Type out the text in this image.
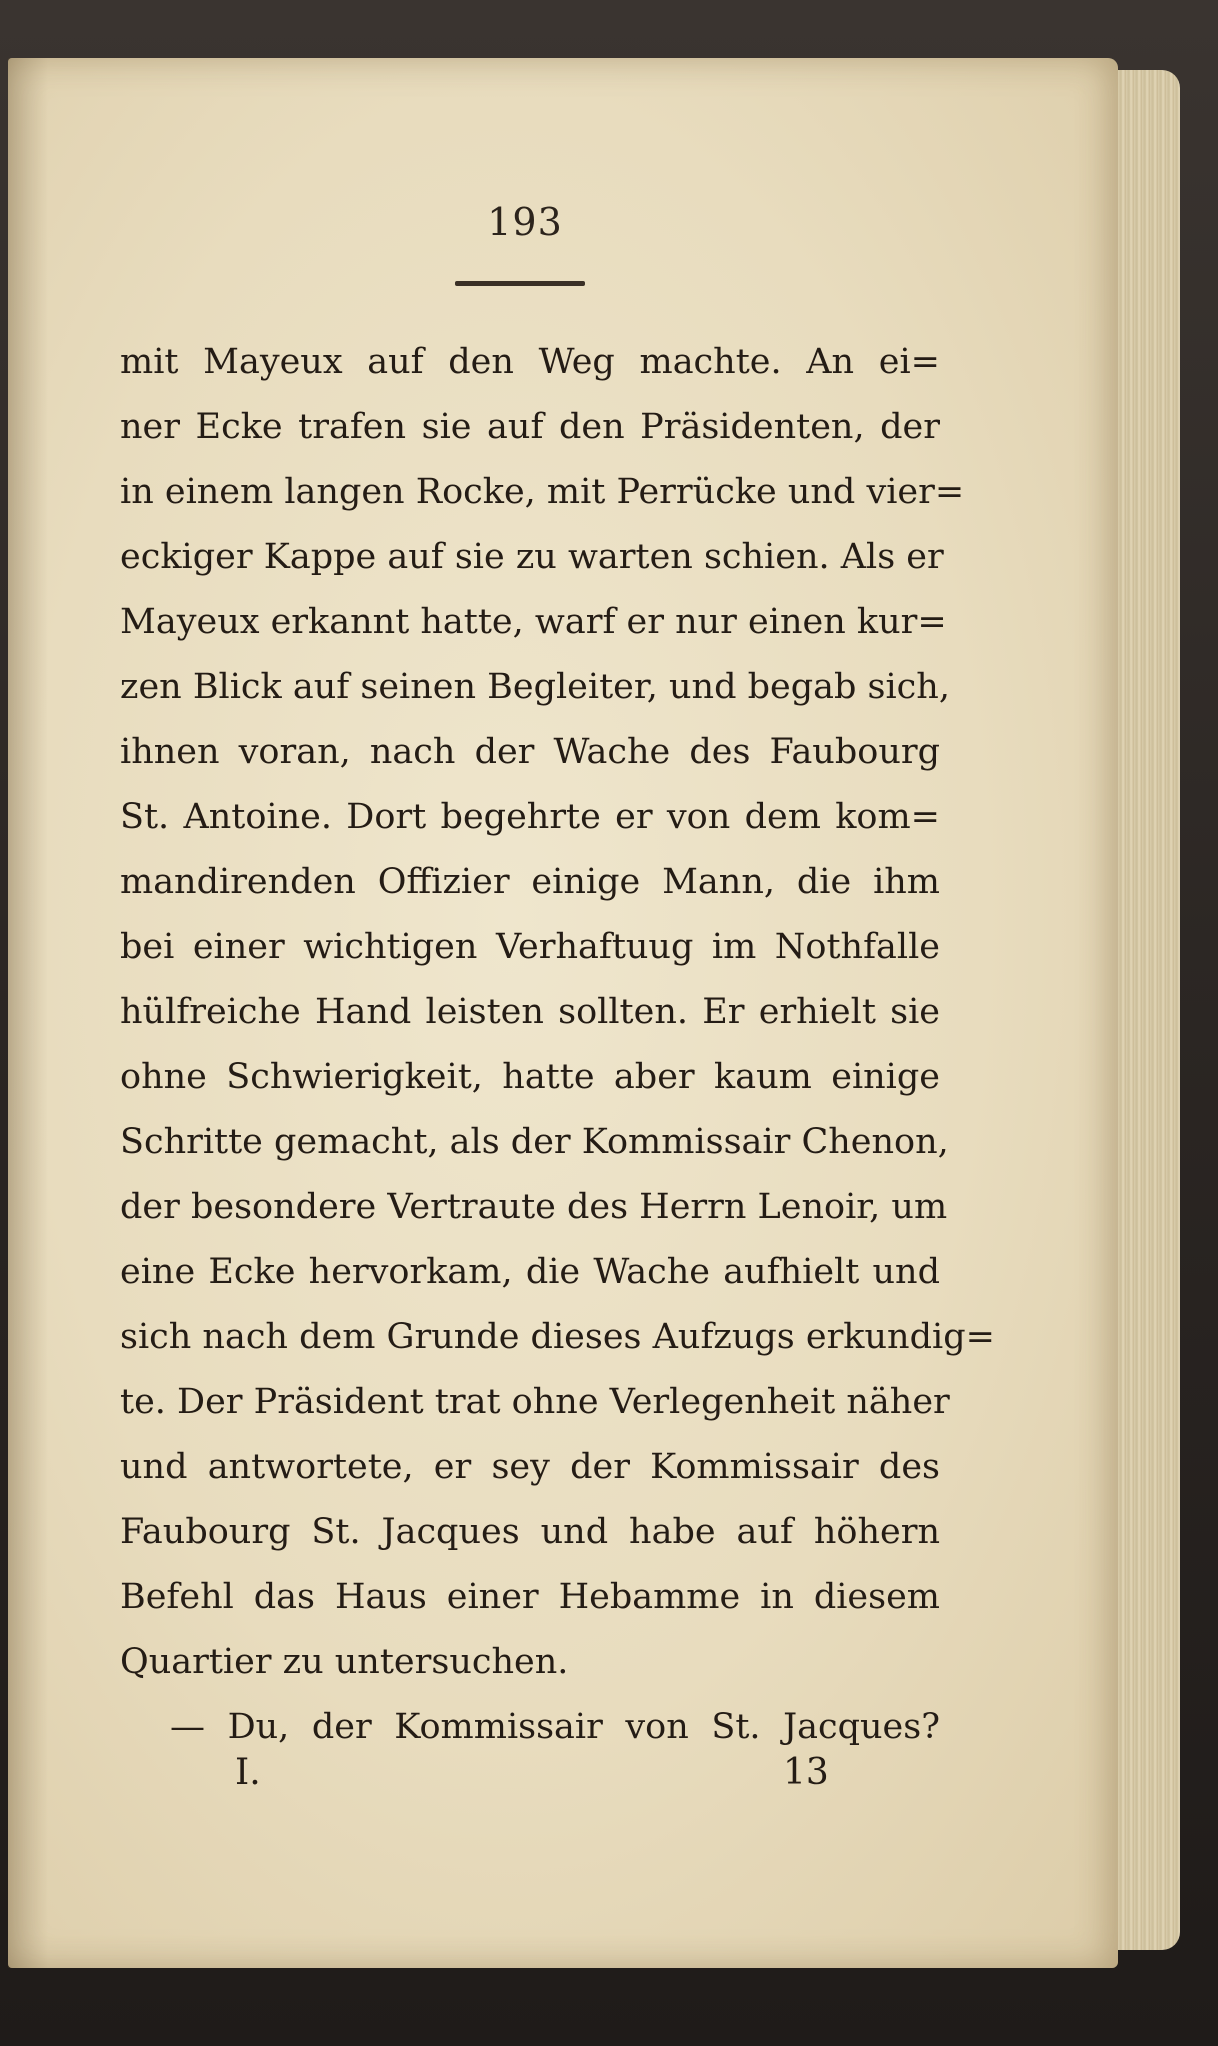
193
mit Mayeux auf den Weg machte. An ei=
ner Ecke trafen sie auf den Präsidenten, der
in einem langen Rocke, mit Perrücke und vier=
eckiger Kappe auf sie zu warten schien. Als er
Mayeux erkannt hatte, warf er nur einen kur=
zen Blick auf seinen Begleiter, und begab sich,
ihnen voran, nach der Wache des Faubourg
St. Antoine. Dort begehrte er von dem kom=
mandirenden Offizier einige Mann, die ihm
bei einer wichtigen Verhaftuug im Nothfalle
hülfreiche Hand leisten sollten. Er erhielt sie
ohne Schwierigkeit, hatte aber kaum einige
Schritte gemacht, als der Kommissair Chenon,
der besondere Vertraute des Herrn Lenoir, um
eine Ecke hervorkam, die Wache aufhielt und
sich nach dem Grunde dieses Aufzugs erkundig=
te. Der Präsident trat ohne Verlegenheit näher
und antwortete, er sey der Kommissair des
Faubourg St. Jacques und habe auf höhern
Befehl das Haus einer Hebamme in diesem
Quartier zu untersuchen.
— Du, der Kommissair von St. Jacques?
I.	13
